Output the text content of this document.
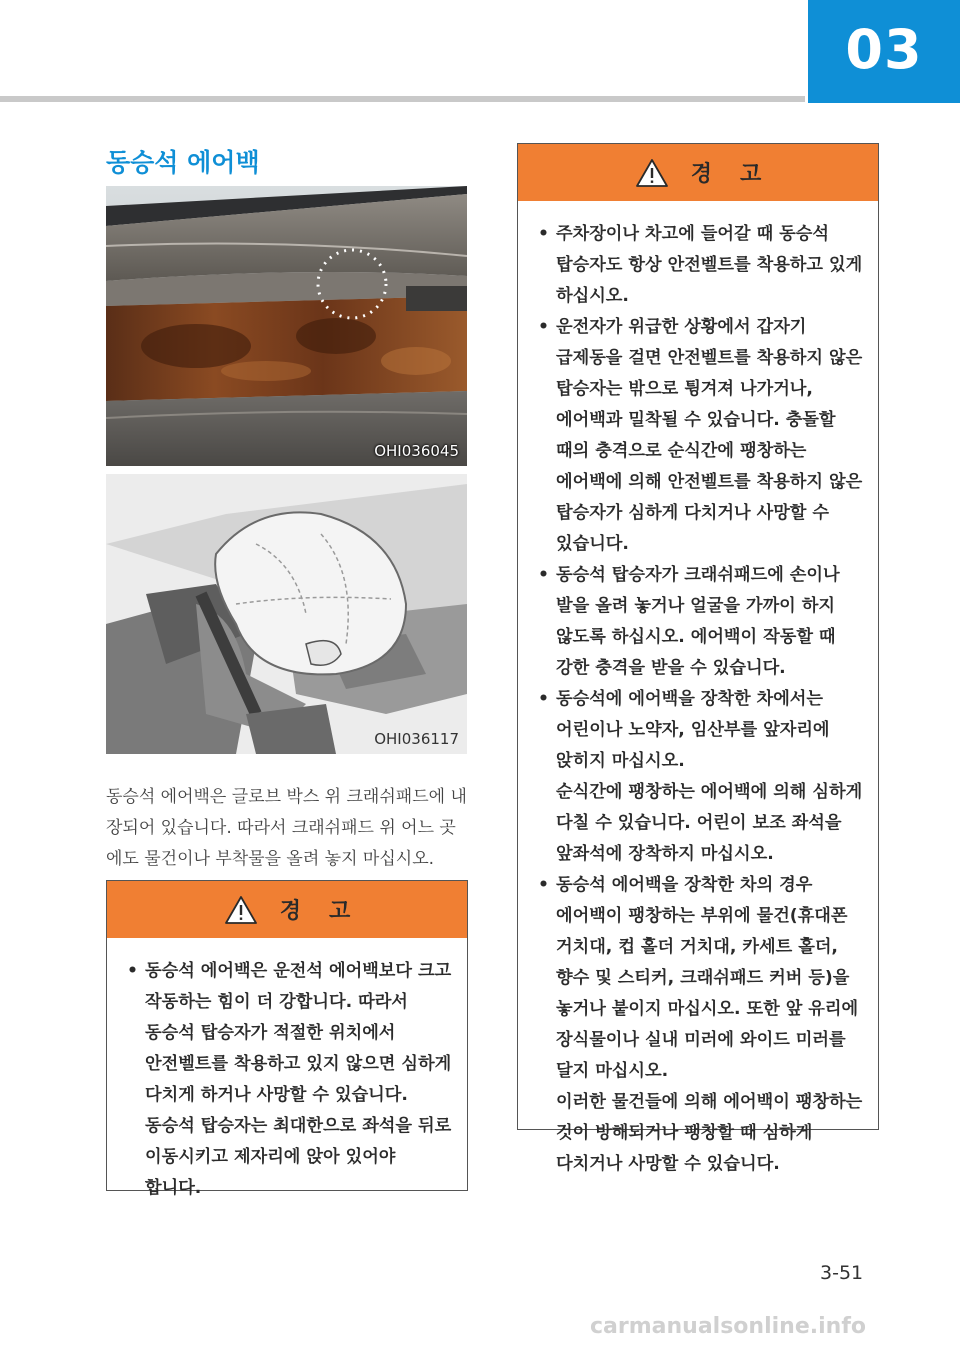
03
동승석 에어백
OHI036045
OHI036117

동승석 에어백은 글로브 박스 위 크래쉬패드에 내장되어 있습니다. 따라서 크래쉬패드 위 어느 곳에도 물건이나 부착물을 올려 놓지 마십시오.

경고
• 동승석 에어백은 운전석 에어백보다 크고 작동하는 힘이 더 강합니다. 따라서 동승석 탑승자가 적절한 위치에서 안전벨트를 착용하고 있지 않으면 심하게 다치게 하거나 사망할 수 있습니다.
동승석 탑승자는 최대한으로 좌석을 뒤로 이동시키고 제자리에 앉아 있어야 합니다.
경고
• 주차장이나 차고에 들어갈 때 동승석 탑승자도 항상 안전벨트를 착용하고 있게 하십시오.
• 운전자가 위급한 상황에서 갑자기 급제동을 걸면 안전벨트를 착용하지 않은 탑승자는 밖으로 튕겨져 나가거나, 에어백과 밀착될 수 있습니다. 충돌할 때의 충격으로 순식간에 팽창하는 에어백에 의해 안전벨트를 착용하지 않은 탑승자가 심하게 다치거나 사망할 수 있습니다.
• 동승석 탑승자가 크래쉬패드에 손이나 발을 올려 놓거나 얼굴을 가까이 하지 않도록 하십시오. 에어백이 작동할 때 강한 충격을 받을 수 있습니다.
• 동승석에 에어백을 장착한 차에서는 어린이나 노약자, 임산부를 앞자리에 앉히지 마십시오.
순식간에 팽창하는 에어백에 의해 심하게 다칠 수 있습니다. 어린이 보조 좌석을 앞좌석에 장착하지 마십시오.
• 동승석 에어백을 장착한 차의 경우 에어백이 팽창하는 부위에 물건(휴대폰 거치대, 컵 홀더 거치대, 카세트 홀더, 향수 및 스티커, 크래쉬패드 커버 등)을 놓거나 붙이지 마십시오. 또한 앞 유리에 장식물이나 실내 미러에 와이드 미러를 달지 마십시오.
이러한 물건들에 의해 에어백이 팽창하는 것이 방해되거나 팽창할 때 심하게 다치거나 사망할 수 있습니다.
3-51
carmanualsonline.info
